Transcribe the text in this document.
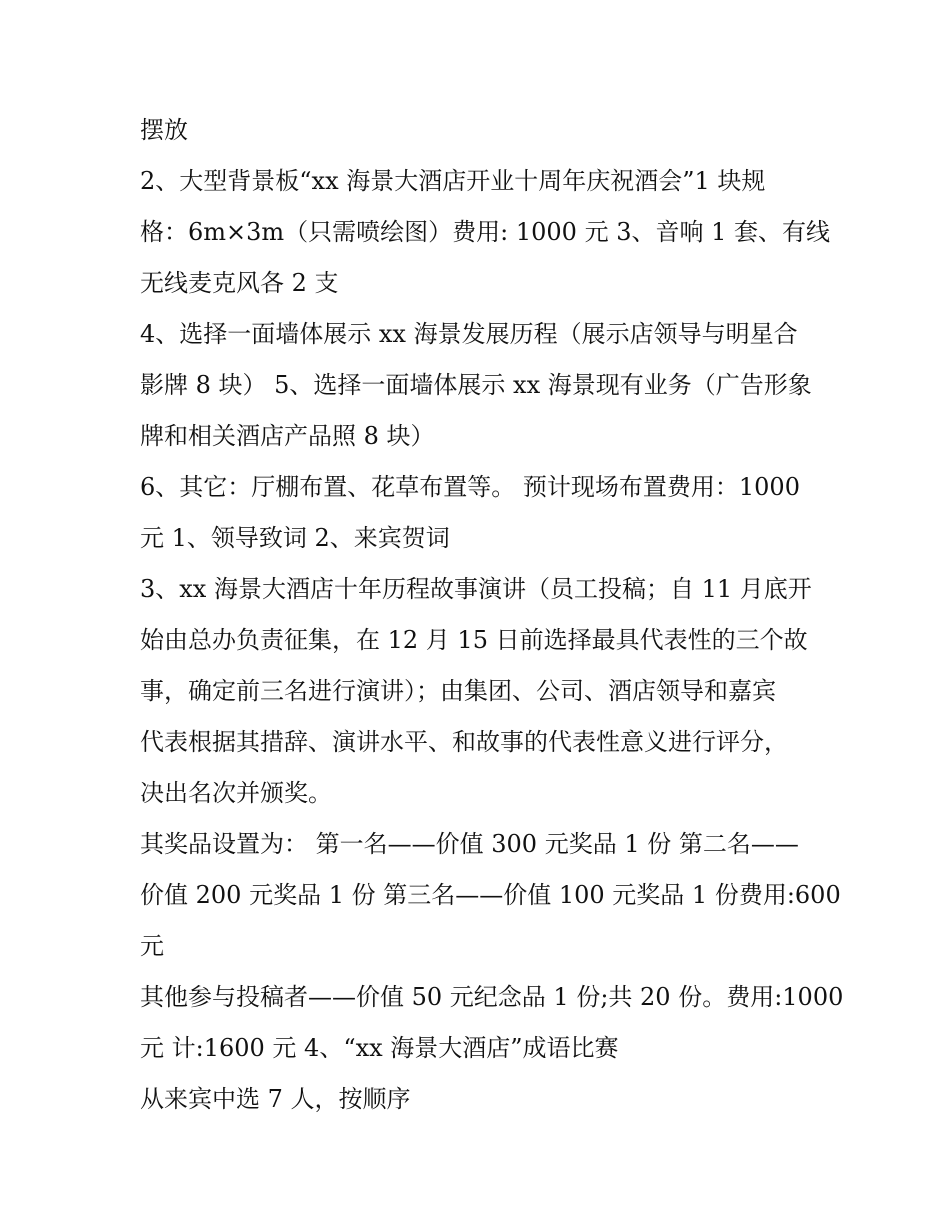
摆放
2、大型背景板“xx 海景大酒店开业十周年庆祝酒会”1 块规
格：6m×3m（只需喷绘图）费用: 1000 元 3、音响 1 套、有线
无线麦克风各 2 支
4、选择一面墙体展示 xx 海景发展历程（展示店领导与明星合
影牌 8 块） 5、选择一面墙体展示 xx 海景现有业务（广告形象
牌和相关酒店产品照 8 块）
6、其它：厅棚布置、花草布置等。 预计现场布置费用：1000
元 1、领导致词 2、来宾贺词
3、xx 海景大酒店十年历程故事演讲（员工投稿；自 11 月底开
始由总办负责征集，在 12 月 15 日前选择最具代表性的三个故
事，确定前三名进行演讲）；由集团、公司、酒店领导和嘉宾
代表根据其措辞、演讲水平、和故事的代表性意义进行评分，
决出名次并颁奖。
其奖品设置为： 第一名——价值 300 元奖品 1 份 第二名——
价值 200 元奖品 1 份 第三名——价值 100 元奖品 1 份费用:600
元
其他参与投稿者——价值 50 元纪念品 1 份;共 20 份。费用:1000
元 计:1600 元 4、“xx 海景大酒店”成语比赛
从来宾中选 7 人，按顺序
